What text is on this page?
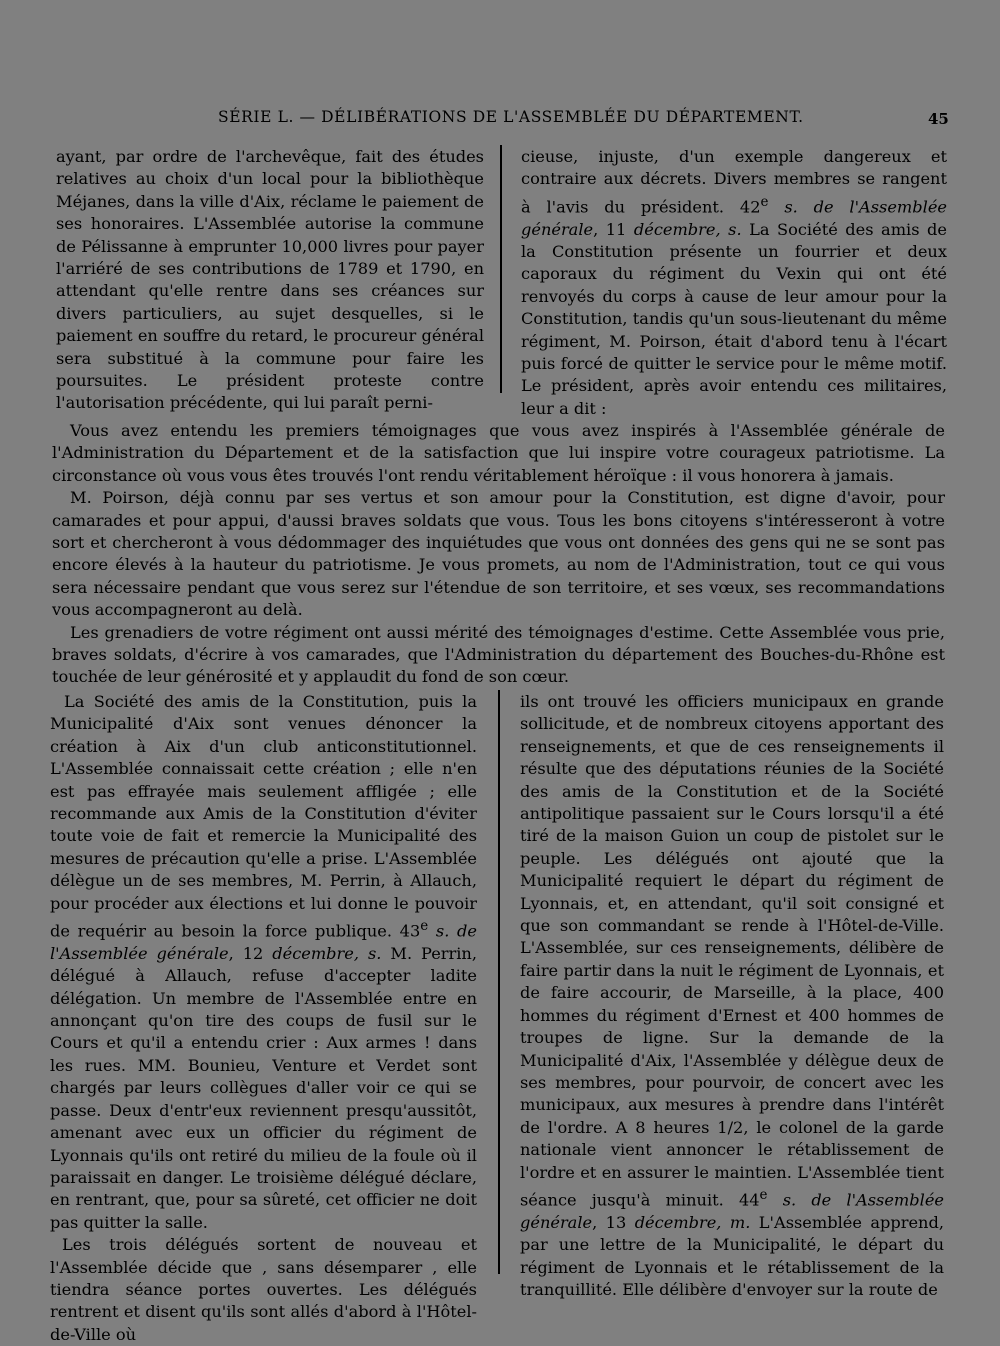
SÉRIE L. — DÉLIBÉRATIONS DE L'ASSEMBLÉE DU DÉPARTEMENT.	45

ayant, par ordre de l'archevêque, fait des études relatives au choix d'un local pour la bibliothèque Méjanes, dans la ville d'Aix, réclame le paiement de ses honoraires. L'Assemblée autorise la commune de Pélissanne à emprunter 10,000 livres pour payer l'arriéré de ses contributions de 1789 et 1790, en attendant qu'elle rentre dans ses créances sur divers particuliers, au sujet desquelles, si le paiement en souffre du retard, le procureur général sera substitué à la commune pour faire les poursuites. Le président proteste contre l'autorisation précédente, qui lui paraît perni-

cieuse, injuste, d'un exemple dangereux et contraire aux décrets. Divers membres se rangent à l'avis du président. 42e s. de l'Assemblée générale, 11 décembre, s. La Société des amis de la Constitution présente un fourrier et deux caporaux du régiment du Vexin qui ont été renvoyés du corps à cause de leur amour pour la Constitution, tandis qu'un sous-lieutenant du même régiment, M. Poirson, était d'abord tenu à l'écart puis forcé de quitter le service pour le même motif. Le président, après avoir entendu ces militaires, leur a dit :

Vous avez entendu les premiers témoignages que vous avez inspirés à l'Assemblée générale de l'Administration du Département et de la satisfaction que lui inspire votre courageux patriotisme. La circonstance où vous vous êtes trouvés l'ont rendu véritablement héroïque : il vous honorera à jamais.

M. Poirson, déjà connu par ses vertus et son amour pour la Constitution, est digne d'avoir, pour camarades et pour appui, d'aussi braves soldats que vous. Tous les bons citoyens s'intéresseront à votre sort et chercheront à vous dédommager des inquiétudes que vous ont données des gens qui ne se sont pas encore élevés à la hauteur du patriotisme. Je vous promets, au nom de l'Administration, tout ce qui vous sera nécessaire pendant que vous serez sur l'étendue de son territoire, et ses vœux, ses recommandations vous accompagneront au delà.

Les grenadiers de votre régiment ont aussi mérité des témoignages d'estime. Cette Assemblée vous prie, braves soldats, d'écrire à vos camarades, que l'Administration du département des Bouches-du-Rhône est touchée de leur générosité et y applaudit du fond de son cœur.

La Société des amis de la Constitution, puis la Municipalité d'Aix sont venues dénoncer la création à Aix d'un club anticonstitutionnel. L'Assemblée connaissait cette création ; elle n'en est pas effrayée mais seulement affligée ; elle recommande aux Amis de la Constitution d'éviter toute voie de fait et remercie la Municipalité des mesures de précaution qu'elle a prise. L'Assemblée délègue un de ses membres, M. Perrin, à Allauch, pour procéder aux élections et lui donne le pouvoir de requérir au besoin la force publique. 43e s. de l'Assemblée générale, 12 décembre, s. M. Perrin, délégué à Allauch, refuse d'accepter ladite délégation. Un membre de l'Assemblée entre en annonçant qu'on tire des coups de fusil sur le Cours et qu'il a entendu crier : Aux armes ! dans les rues. MM. Bounieu, Venture et Verdet sont chargés par leurs collègues d'aller voir ce qui se passe. Deux d'entr'eux reviennent presqu'aussitôt, amenant avec eux un officier du régiment de Lyonnais qu'ils ont retiré du milieu de la foule où il paraissait en danger. Le troisième délégué déclare, en rentrant, que, pour sa sûreté, cet officier ne doit pas quitter la salle.

Les trois délégués sortent de nouveau et l'Assemblée décide que , sans désemparer , elle tiendra séance portes ouvertes. Les délégués rentrent et disent qu'ils sont allés d'abord à l'Hôtel-de-Ville où

ils ont trouvé les officiers municipaux en grande sollicitude, et de nombreux citoyens apportant des renseignements, et que de ces renseignements il résulte que des députations réunies de la Société des amis de la Constitution et de la Société antipolitique passaient sur le Cours lorsqu'il a été tiré de la maison Guion un coup de pistolet sur le peuple. Les délégués ont ajouté que la Municipalité requiert le départ du régiment de Lyonnais, et, en attendant, qu'il soit consigné et que son commandant se rende à l'Hôtel-de-Ville. L'Assemblée, sur ces renseignements, délibère de faire partir dans la nuit le régiment de Lyonnais, et de faire accourir, de Marseille, à la place, 400 hommes du régiment d'Ernest et 400 hommes de troupes de ligne. Sur la demande de la Municipalité d'Aix, l'Assemblée y délègue deux de ses membres, pour pourvoir, de concert avec les municipaux, aux mesures à prendre dans l'intérêt de l'ordre. A 8 heures 1/2, le colonel de la garde nationale vient annoncer le rétablissement de l'ordre et en assurer le maintien. L'Assemblée tient séance jusqu'à minuit. 44e s. de l'Assemblée générale, 13 décembre, m. L'Assemblée apprend, par une lettre de la Municipalité, le départ du régiment de Lyonnais et le rétablissement de la tranquillité. Elle délibère d'envoyer sur la route de
